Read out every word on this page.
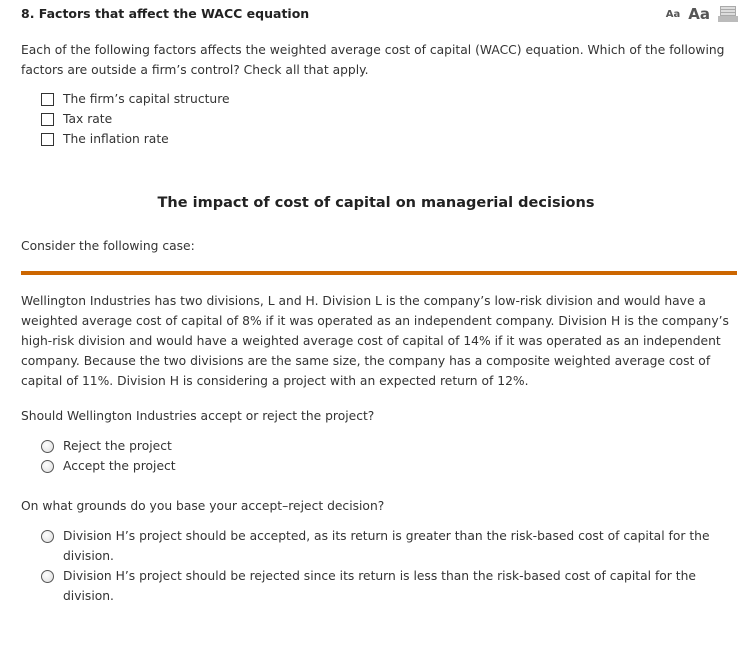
8. Factors that affect the WACC equation	Aa Aa

Each of the following factors affects the weighted average cost of capital (WACC) equation. Which of the following factors are outside a firm’s control? Check all that apply.

The firm’s capital structure
Tax rate
The inflation rate
The impact of cost of capital on managerial decisions

Consider the following case:

Wellington Industries has two divisions, L and H. Division L is the company’s low-risk division and would have a weighted average cost of capital of 8% if it was operated as an independent company. Division H is the company’s high-risk division and would have a weighted average cost of capital of 14% if it was operated as an independent company. Because the two divisions are the same size, the company has a composite weighted average cost of capital of 11%. Division H is considering a project with an expected return of 12%.

Should Wellington Industries accept or reject the project?

Reject the project
Accept the project

On what grounds do you base your accept–reject decision?

Division H’s project should be accepted, as its return is greater than the risk-based cost of capital for the division.
Division H’s project should be rejected since its return is less than the risk-based cost of capital for the division.
